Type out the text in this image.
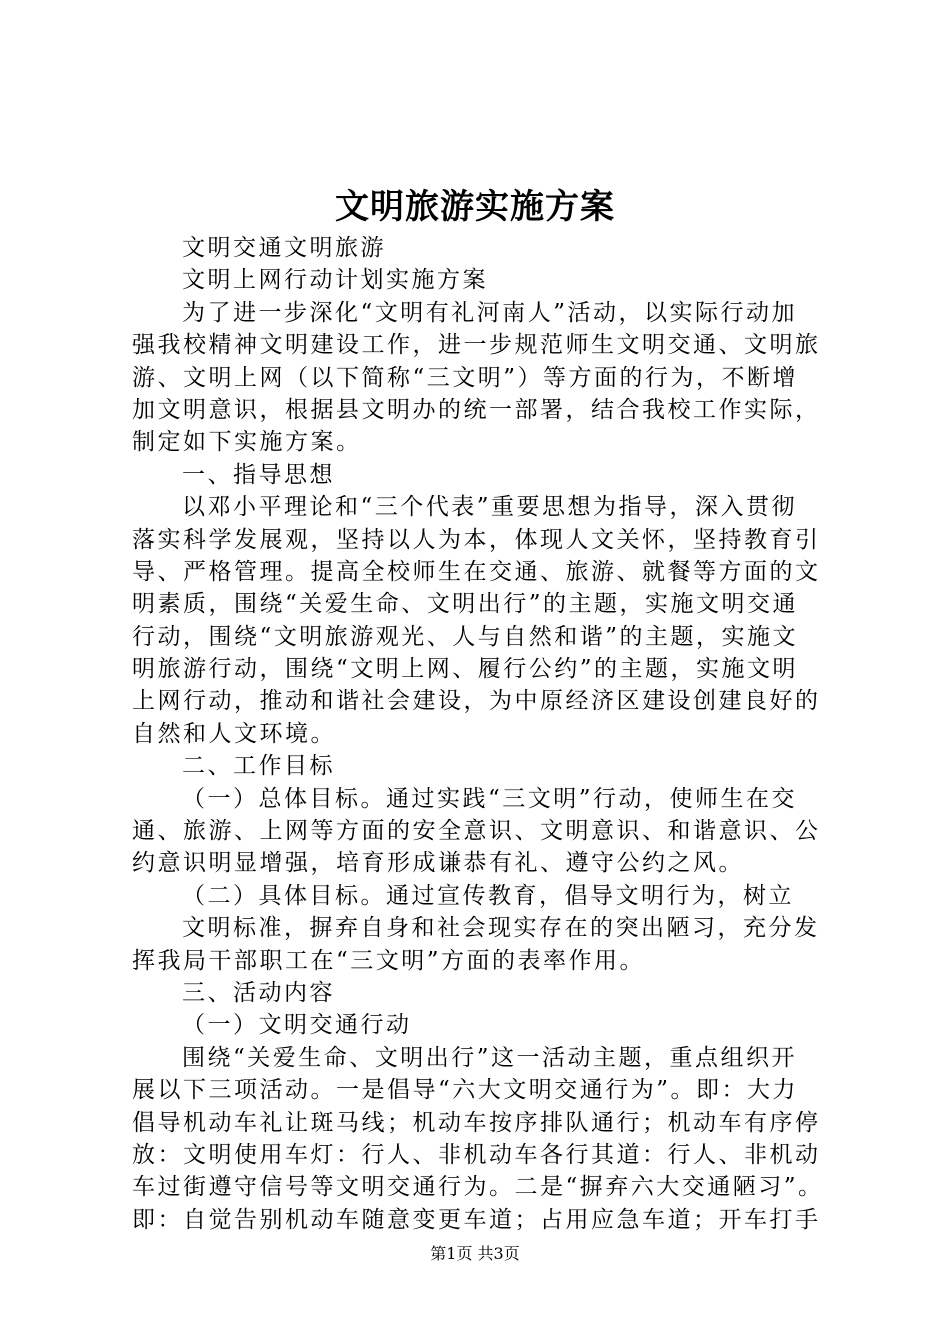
文明旅游实施方案
文明交通文明旅游
文明上网行动计划实施方案
为了进一步深化“文明有礼河南人”活动，以实际行动加
强我校精神文明建设工作，进一步规范师生文明交通、文明旅
游、文明上网（以下简称“三文明”）等方面的行为，不断增
加文明意识，根据县文明办的统一部署，结合我校工作实际，
制定如下实施方案。
一、指导思想
以邓小平理论和“三个代表”重要思想为指导，深入贯彻
落实科学发展观，坚持以人为本，体现人文关怀，坚持教育引
导、严格管理。提高全校师生在交通、旅游、就餐等方面的文
明素质，围绕“关爱生命、文明出行”的主题，实施文明交通
行动，围绕“文明旅游观光、人与自然和谐”的主题，实施文
明旅游行动，围绕“文明上网、履行公约”的主题，实施文明
上网行动，推动和谐社会建设，为中原经济区建设创建良好的
自然和人文环境。
二、工作目标
（一）总体目标。通过实践“三文明”行动，使师生在交
通、旅游、上网等方面的安全意识、文明意识、和谐意识、公
约意识明显增强，培育形成谦恭有礼、遵守公约之风。
（二）具体目标。通过宣传教育，倡导文明行为，树立
文明标准，摒弃自身和社会现实存在的突出陋习，充分发
挥我局干部职工在“三文明”方面的表率作用。
三、活动内容
（一）文明交通行动
围绕“关爱生命、文明出行”这一活动主题，重点组织开
展以下三项活动。一是倡导“六大文明交通行为”。即：大力
倡导机动车礼让斑马线；机动车按序排队通行；机动车有序停
放：文明使用车灯：行人、非机动车各行其道：行人、非机动
车过街遵守信号等文明交通行为。二是“摒弃六大交通陋习”。
即：自觉告别机动车随意变更车道；占用应急车道；开车打手
第1页 共3页
